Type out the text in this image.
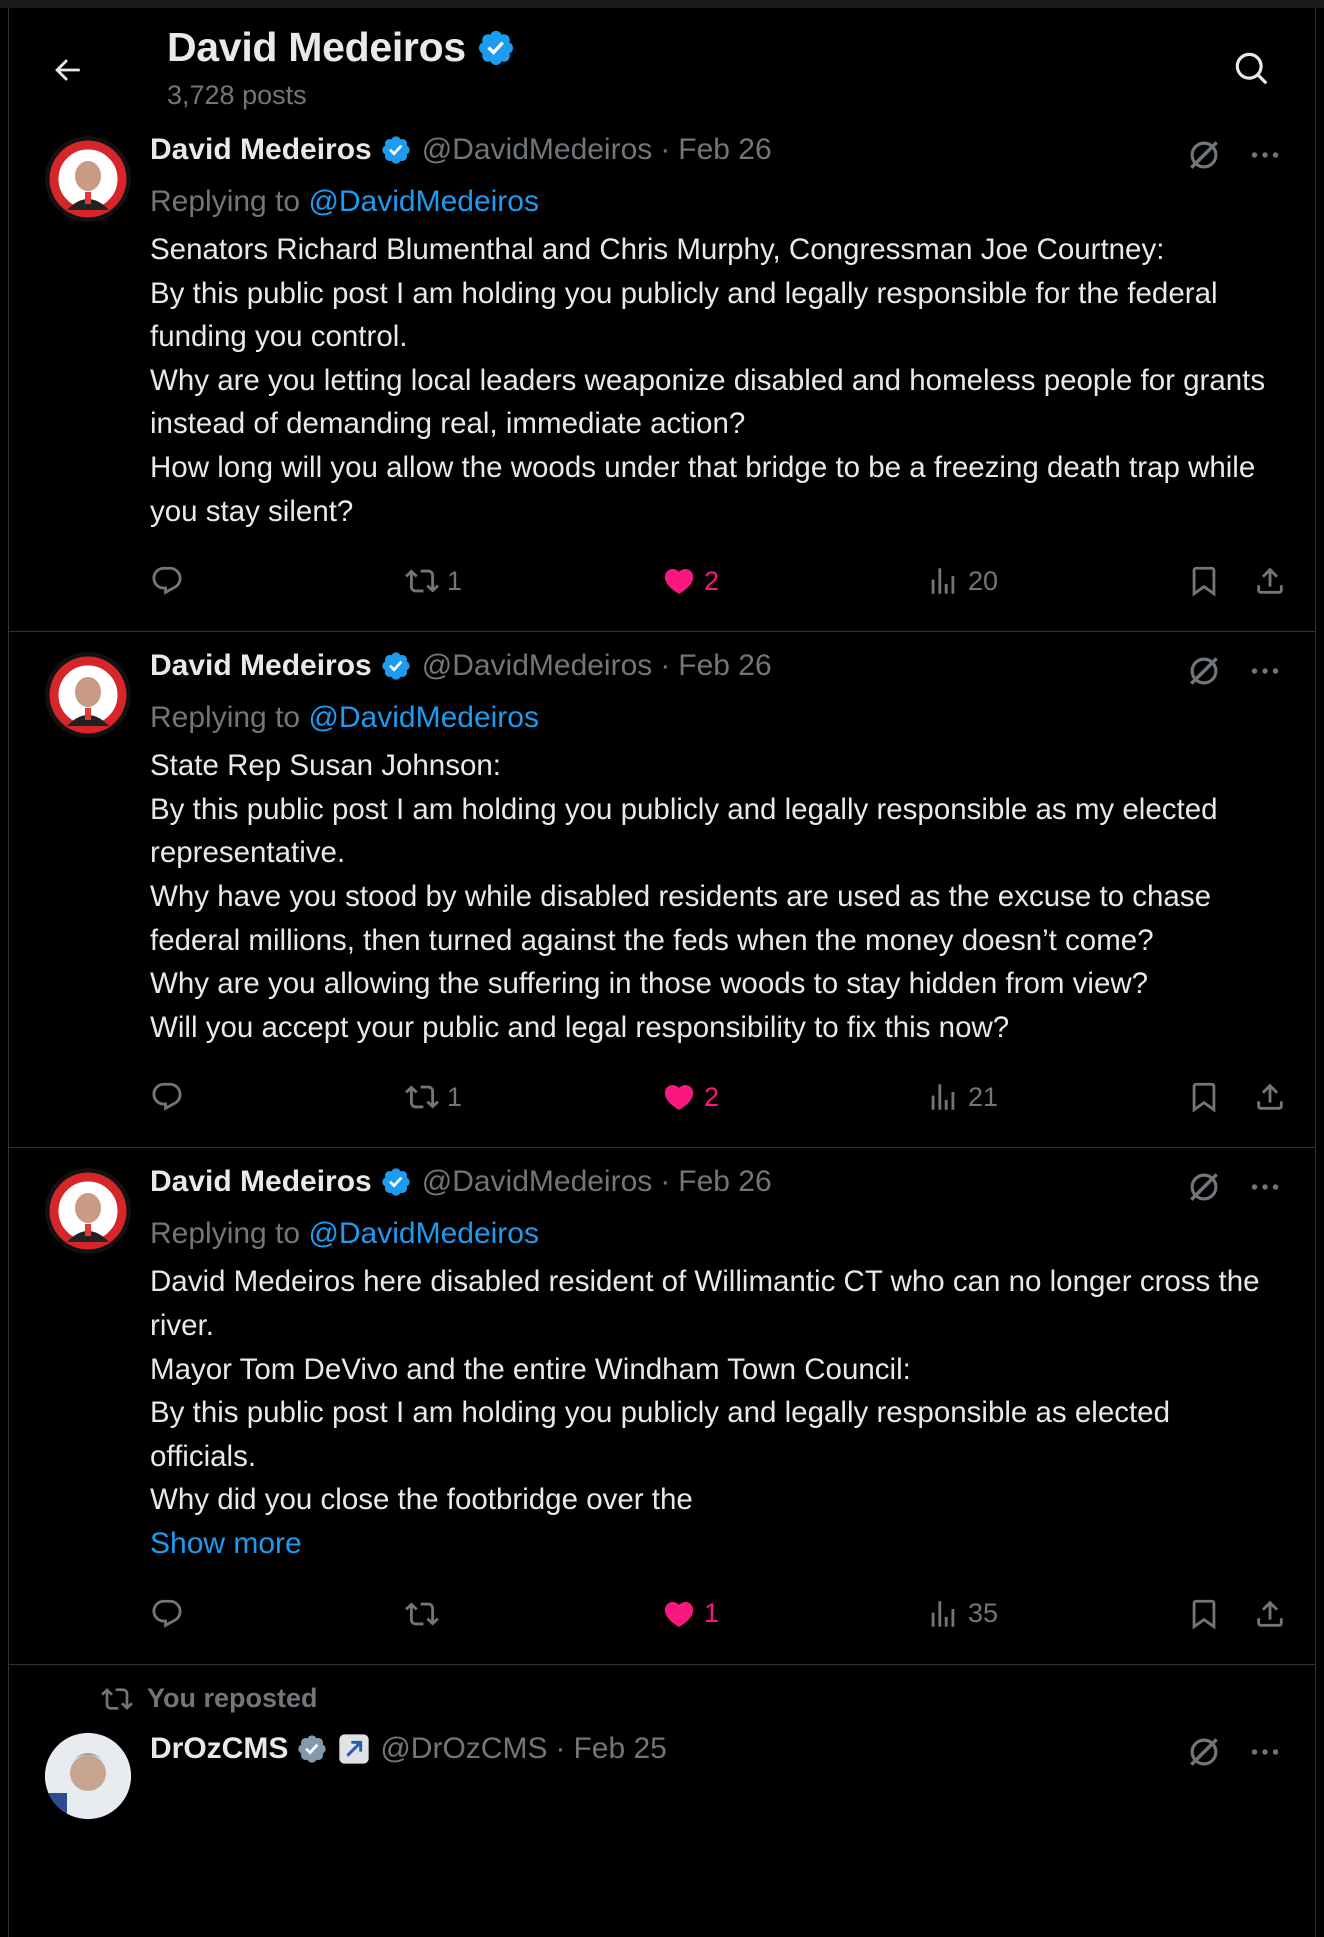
David Medeiros
3,728 posts
David Medeiros @DavidMedeiros · Feb 26
Replying to @DavidMedeiros

Senators Richard Blumenthal and Chris Murphy, Congressman Joe Courtney:

By this public post I am holding you publicly and legally responsible for the federal funding you control.

Why are you letting local leaders weaponize disabled and homeless people for grants instead of demanding real, immediate action?

How long will you allow the woods under that bridge to be a freezing death trap while you stay silent?

1	2	20
David Medeiros @DavidMedeiros · Feb 26
Replying to @DavidMedeiros

State Rep Susan Johnson:

By this public post I am holding you publicly and legally responsible as my elected representative.

Why have you stood by while disabled residents are used as the excuse to chase federal millions, then turned against the feds when the money doesn’t come?

Why are you allowing the suffering in those woods to stay hidden from view?

Will you accept your public and legal responsibility to fix this now?

1	2	21
David Medeiros @DavidMedeiros · Feb 26
Replying to @DavidMedeiros

David Medeiros here disabled resident of Willimantic CT who can no longer cross the river.

Mayor Tom DeVivo and the entire Windham Town Council:

By this public post I am holding you publicly and legally responsible as elected officials.

Why did you close the footbridge over the

Show more
1	35
You reposted
DrOzCMS	@DrOzCMS · Feb 25
